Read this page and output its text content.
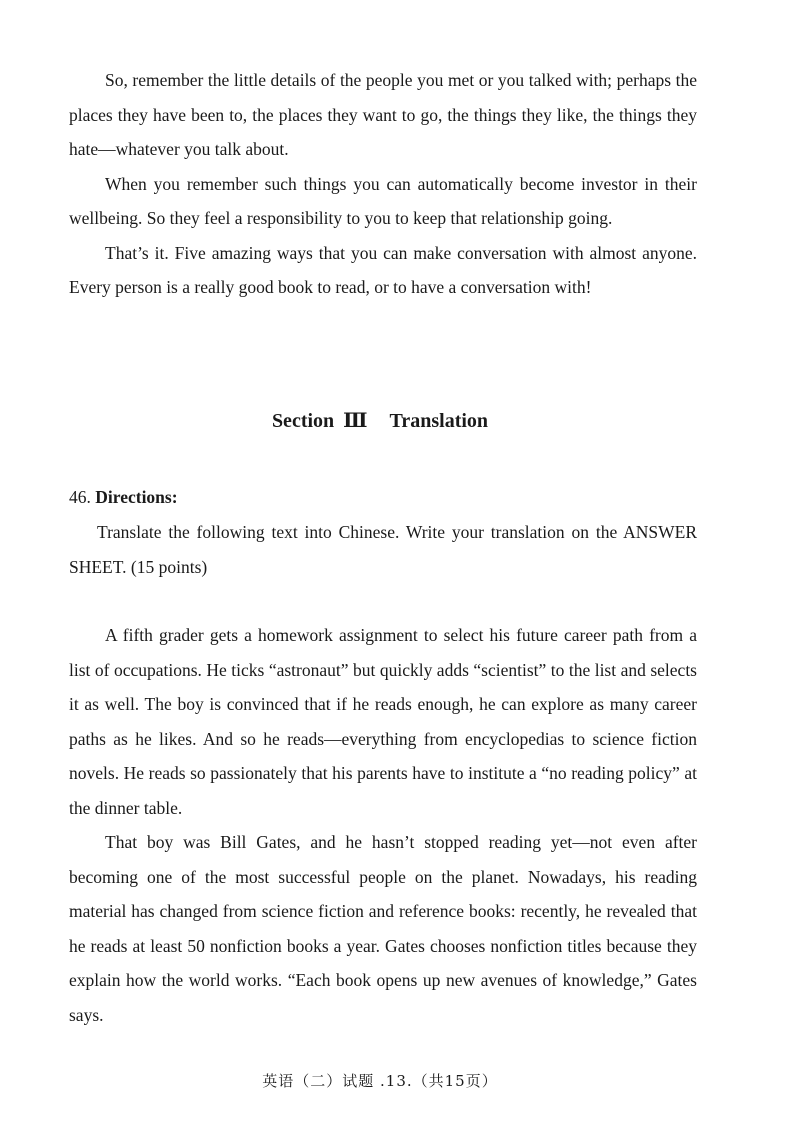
So, remember the little details of the people you met or you talked with; perhaps the places they have been to, the places they want to go, the things they like, the things they hate—whatever you talk about.

When you remember such things you can automatically become investor in their wellbeing. So they feel a responsibility to you to keep that relationship going.

That’s it. Five amazing ways that you can make conversation with almost anyone. Every person is a really good book to read, or to have a conversation with!

Section Ⅲ Translation
46. Directions:

Translate the following text into Chinese. Write your translation on the ANSWER SHEET. (15 points)

A fifth grader gets a homework assignment to select his future career path from a list of occupations. He ticks “astronaut” but quickly adds “scientist” to the list and selects it as well. The boy is convinced that if he reads enough, he can explore as many career paths as he likes. And so he reads—everything from encyclopedias to science fiction novels. He reads so passionately that his parents have to institute a “no reading policy” at the dinner table.

That boy was Bill Gates, and he hasn’t stopped reading yet—not even after becoming one of the most successful people on the planet. Nowadays, his reading material has changed from science fiction and reference books: recently, he revealed that he reads at least 50 nonfiction books a year. Gates chooses nonfiction titles because they explain how the world works. “Each book opens up new avenues of knowledge,” Gates says.

英语（二）试题 .13.（共15页）
